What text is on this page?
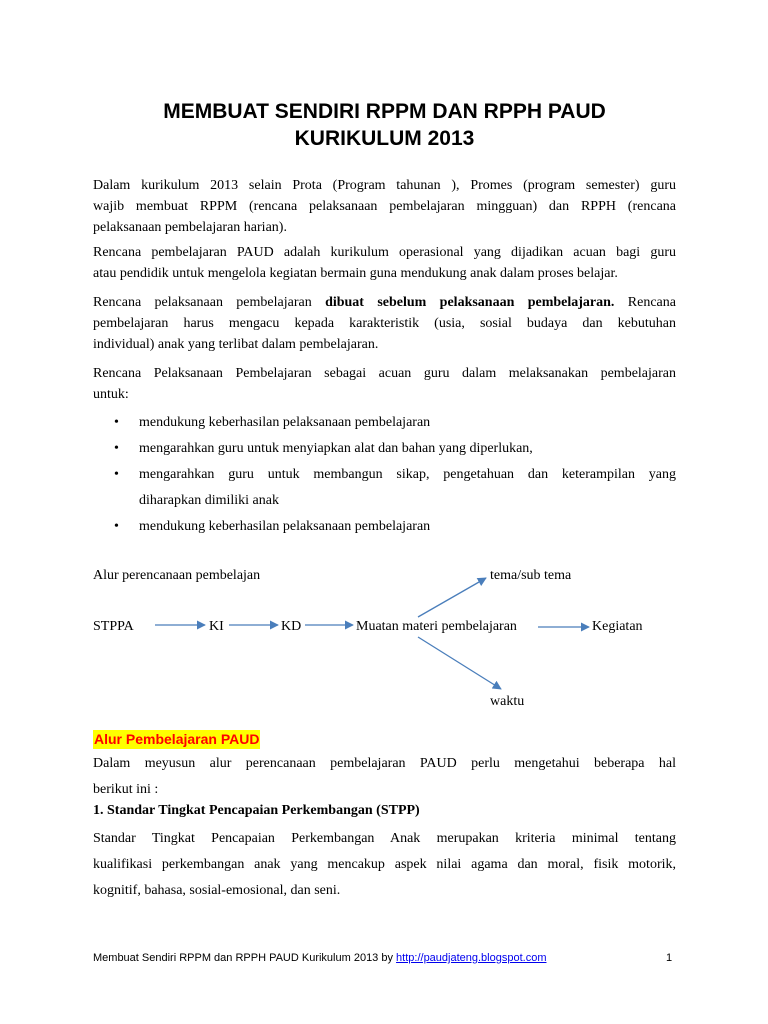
MEMBUAT SENDIRI RPPM DAN RPPH PAUD
KURIKULUM 2013
Dalam kurikulum 2013 selain Prota (Program tahunan ), Promes (program semester) guru
wajib membuat RPPM (rencana pelaksanaan pembelajaran mingguan) dan RPPH (rencana
pelaksanaan pembelajaran harian).
Rencana pembelajaran PAUD adalah kurikulum operasional yang dijadikan acuan bagi guru
atau pendidik untuk mengelola kegiatan bermain guna mendukung anak dalam proses belajar.
Rencana pelaksanaan pembelajaran dibuat sebelum pelaksanaan pembelajaran. Rencana
pembelajaran harus mengacu kepada karakteristik (usia, sosial budaya dan kebutuhan
individual) anak yang terlibat dalam pembelajaran.
Rencana Pelaksanaan Pembelajaran sebagai acuan guru dalam melaksanakan pembelajaran
untuk:
• mendukung keberhasilan pelaksanaan pembelajaran
• mengarahkan guru untuk menyiapkan alat dan bahan yang diperlukan,
• mengarahkan guru untuk membangun sikap, pengetahuan dan keterampilan yang
diharapkan dimiliki anak
• mendukung keberhasilan pelaksanaan pembelajaran
Alur perencanaan pembelajan	tema/sub tema
STPPA	KI	KD	Muatan materi pembelajaran	Kegiatan
waktu
Alur Pembelajaran PAUD
Dalam meyusun alur perencanaan pembelajaran PAUD perlu mengetahui beberapa hal
berikut ini :
1. Standar Tingkat Pencapaian Perkembangan (STPP)
Standar Tingkat Pencapaian Perkembangan Anak merupakan kriteria minimal tentang
kualifikasi perkembangan anak yang mencakup aspek nilai agama dan moral, fisik motorik,
kognitif, bahasa, sosial-emosional, dan seni.
Membuat Sendiri RPPM dan RPPH PAUD Kurikulum 2013 by http://paudjateng.blogspot.com	1
